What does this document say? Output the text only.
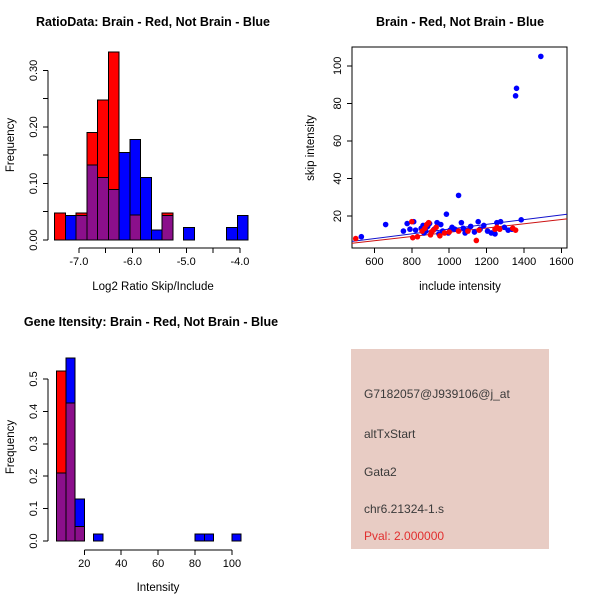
RatioData: Brain - Red, Not Brain - Blue
Log2 Ratio Skip/Include
Frequency
0.00
0.10
0.20
0.30
-7.0	-6.0	-5.0	-4.0
Brain - Red, Not Brain - Blue
include intensity
skip intensity
600 800 1000 1200 1400 1600
20
40
60
80
100
Gene Itensity: Brain - Red, Not Brain - Blue
Intensity
Frequency
0.0
0.1
0.2
0.3
0.4
0.5
20 40 60 80 100
G7182057@J939106@j_at
altTxStart
Gata2
chr6.21324-1.s
Pval: 2.000000
